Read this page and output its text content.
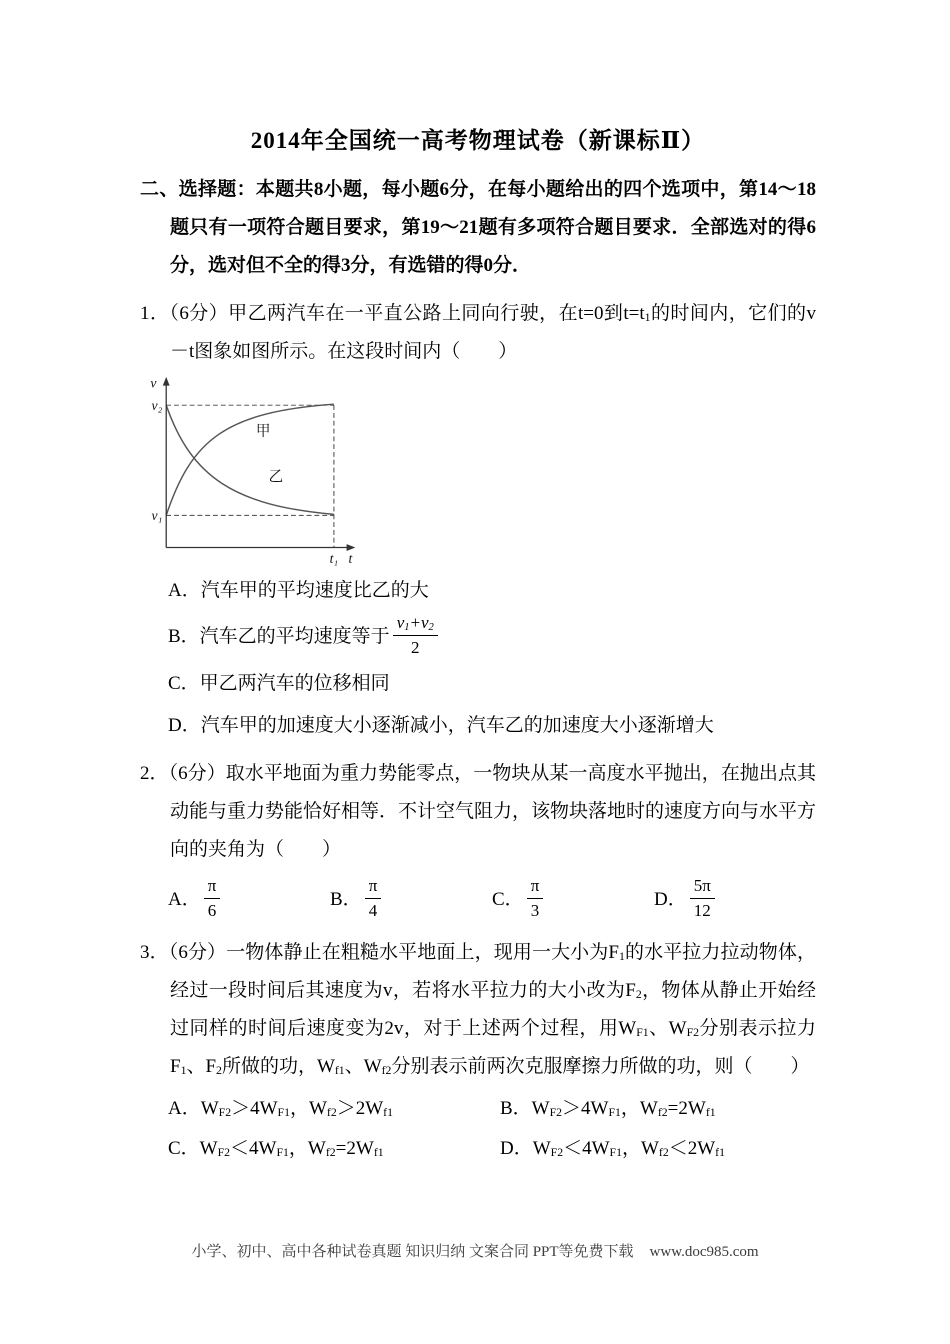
2014年全国统一高考物理试卷（新课标Ⅱ）

二、选择题：本题共8小题，每小题6分，在每小题给出的四个选项中，第14～18题只有一项符合题目要求，第19～21题有多项符合题目要求．全部选对的得6分，选对但不全的得3分，有选错的得0分．

1．（6分）甲乙两汽车在一平直公路上同向行驶，在t=0到$t=t_1$的时间内，它们的v－t图象如图所示。在这段时间内（　　）

v
v₂
v₁
t₁ t
甲
乙

A．汽车甲的平均速度比乙的大

B．汽车乙的平均速度等于 $\frac{v_1+v_2}{2}$

C．甲乙两汽车的位移相同

D．汽车甲的加速度大小逐渐减小，汽车乙的加速度大小逐渐增大

2．（6分）取水平地面为重力势能零点，一物块从某一高度水平抛出，在抛出点其动能与重力势能恰好相等．不计空气阻力，该物块落地时的速度方向与水平方向的夹角为（　　）

A． $\frac{\pi}{6}$	B． $\frac{\pi}{4}$	C． $\frac{\pi}{3}$	D． $\frac{5\pi}{12}$

3．（6分）一物体静止在粗糙水平地面上，现用一大小为$F_1$的水平拉力拉动物体，经过一段时间后其速度为v，若将水平拉力的大小改为$F_2$，物体从静止开始经过同样的时间后速度变为2v，对于上述两个过程，用$W_{F1}$、$W_{F2}$分别表示拉力$F_1$、$F_2$所做的功，$W_{f1}$、$W_{f2}$分别表示前两次克服摩擦力所做的功，则（　　）

A．$W_{F2}>4W_{F1}$，$W_{f2}>2W_{f1}$	B．$W_{F2}>4W_{F1}$，$W_{f2}=2W_{f1}$

C．$W_{F2}<4W_{F1}$，$W_{f2}=2W_{f1}$	D．$W_{F2}<4W_{F1}$，$W_{f2}<2W_{f1}$

小学、初中、高中各种试卷真题 知识归纳 文案合同 PPT等免费下载 www.doc985.com
